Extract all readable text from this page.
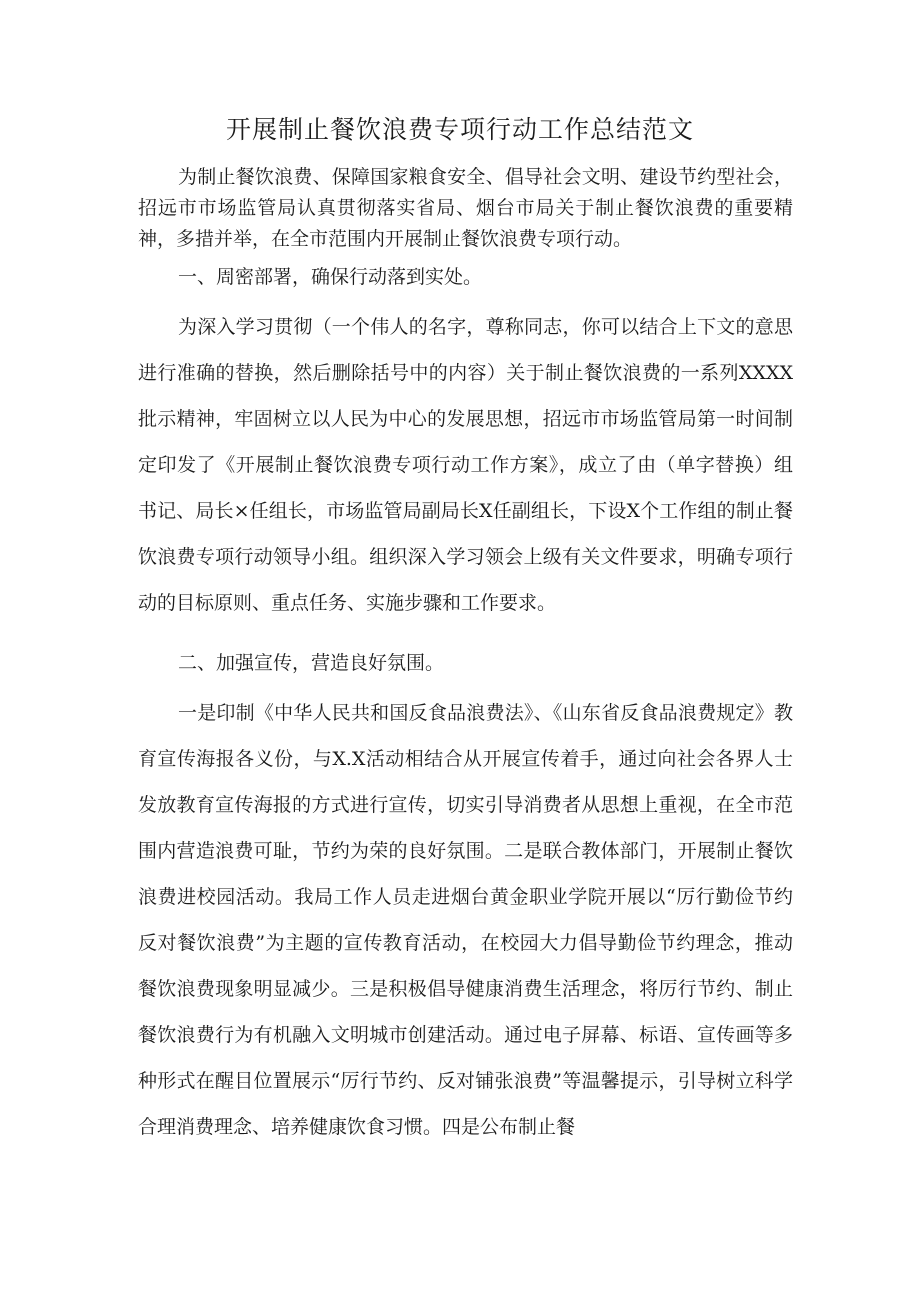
开展制止餐饮浪费专项行动工作总结范文

为制止餐饮浪费、保障国家粮食安全、倡导社会文明、建设节约型社会，招远市市场监管局认真贯彻落实省局、烟台市局关于制止餐饮浪费的重要精神，多措并举，在全市范围内开展制止餐饮浪费专项行动。

一、周密部署，确保行动落到实处。

为深入学习贯彻（一个伟人的名字，尊称同志，你可以结合上下文的意思进行准确的替换，然后删除括号中的内容）关于制止餐饮浪费的一系列XXXX批示精神，牢固树立以人民为中心的发展思想，招远市市场监管局第一时间制定印发了《开展制止餐饮浪费专项行动工作方案》，成立了由（单字替换）组书记、局长×任组长，市场监管局副局长X任副组长，下设X个工作组的制止餐饮浪费专项行动领导小组。组织深入学习领会上级有关文件要求，明确专项行动的目标原则、重点任务、实施步骤和工作要求。

二、加强宣传，营造良好氛围。

一是印制《中华人民共和国反食品浪费法》、《山东省反食品浪费规定》教育宣传海报各义份，与X.X活动相结合从开展宣传着手，通过向社会各界人士发放教育宣传海报的方式进行宣传，切实引导消费者从思想上重视，在全市范围内营造浪费可耻，节约为荣的良好氛围。二是联合教体部门，开展制止餐饮浪费进校园活动。我局工作人员走进烟台黄金职业学院开展以“厉行勤俭节约反对餐饮浪费”为主题的宣传教育活动，在校园大力倡导勤俭节约理念，推动餐饮浪费现象明显减少。三是积极倡导健康消费生活理念，将厉行节约、制止餐饮浪费行为有机融入文明城市创建活动。通过电子屏幕、标语、宣传画等多种形式在醒目位置展示“厉行节约、反对铺张浪费”等温馨提示，引导树立科学合理消费理念、培养健康饮食习惯。四是公布制止餐
